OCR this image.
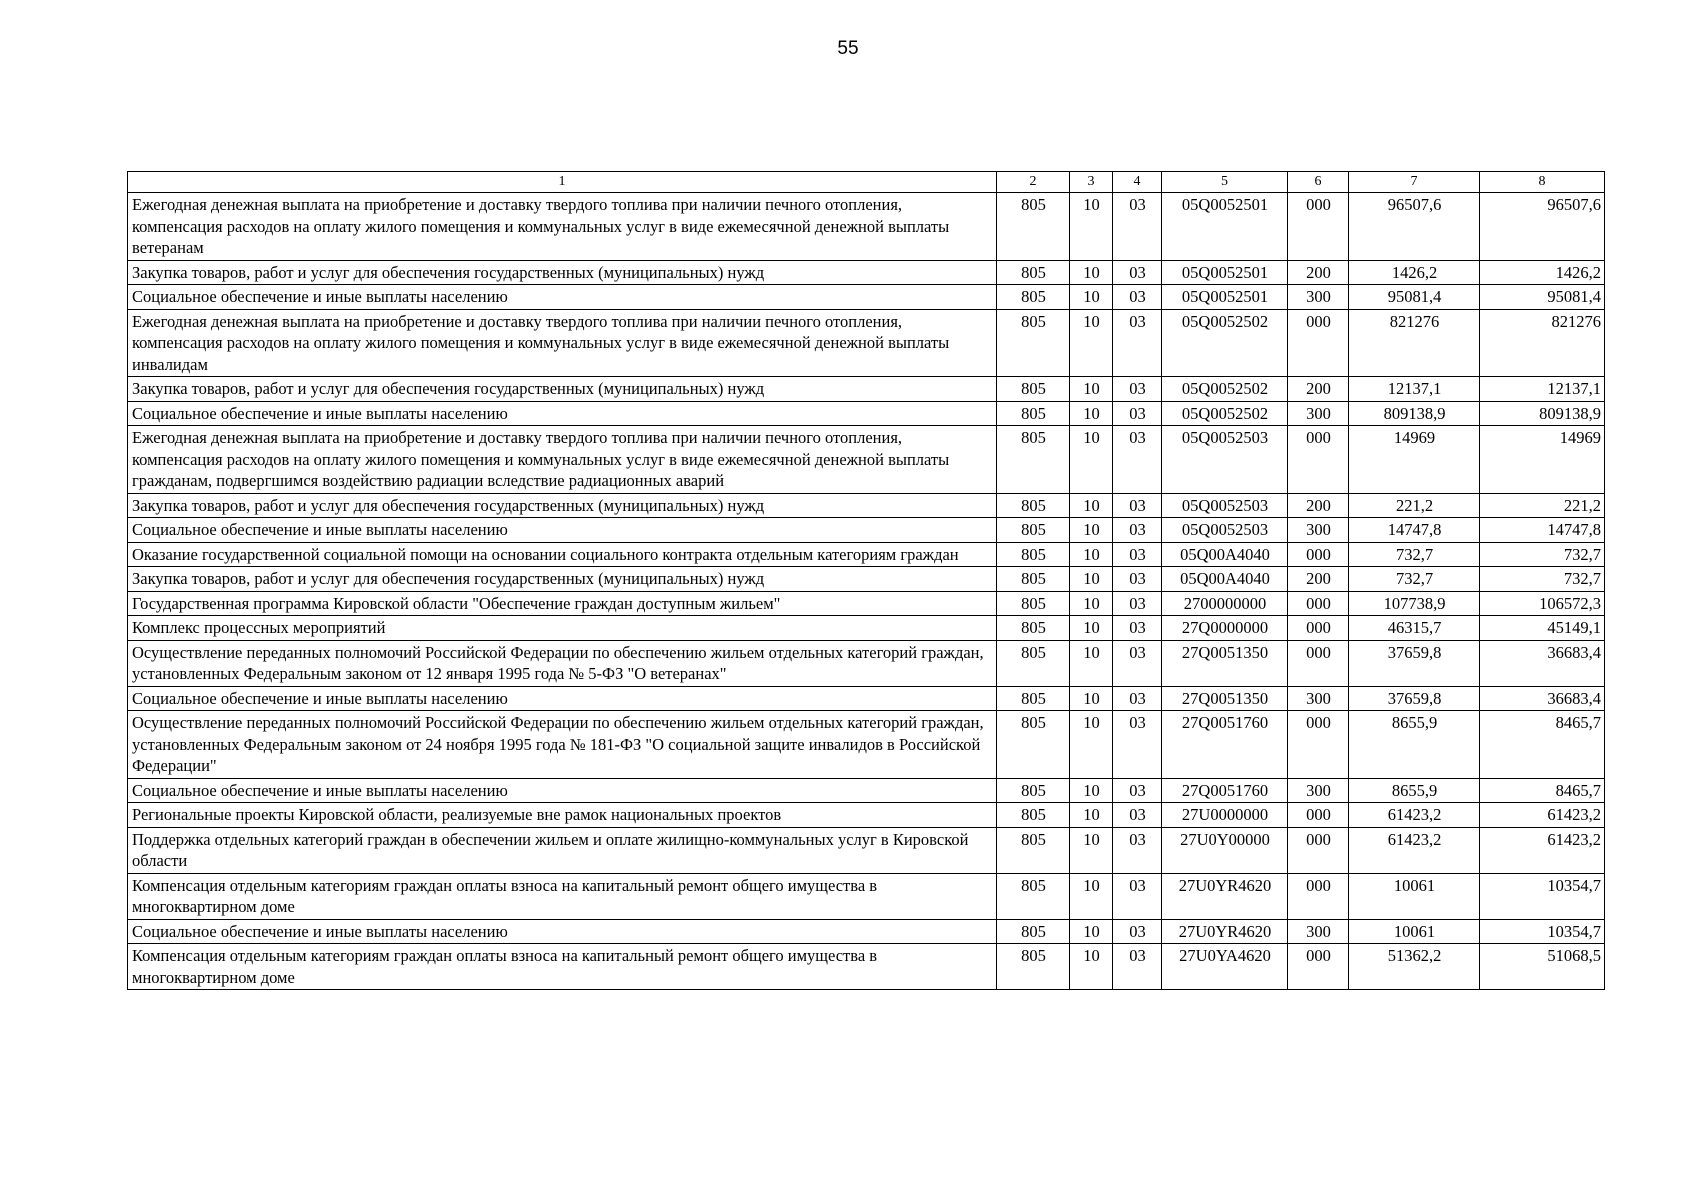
55
1	2	3	4	5	6	7	8
Ежегодная денежная выплата на приобретение и доставку твердого топлива при наличии печного отопления, компенсация расходов на оплату жилого помещения и коммунальных услуг в виде ежемесячной денежной выплаты ветеранам	805	10	03	05Q0052501	000	96507,6	96507,6
Закупка товаров, работ и услуг для обеспечения государственных (муниципальных) нужд	805	10	03	05Q0052501	200	1426,2	1426,2
Социальное обеспечение и иные выплаты населению	805	10	03	05Q0052501	300	95081,4	95081,4
Ежегодная денежная выплата на приобретение и доставку твердого топлива при наличии печного отопления, компенсация расходов на оплату жилого помещения и коммунальных услуг в виде ежемесячной денежной выплаты инвалидам	805	10	03	05Q0052502	000	821276	821276
Закупка товаров, работ и услуг для обеспечения государственных (муниципальных) нужд	805	10	03	05Q0052502	200	12137,1	12137,1
Социальное обеспечение и иные выплаты населению	805	10	03	05Q0052502	300	809138,9	809138,9
Ежегодная денежная выплата на приобретение и доставку твердого топлива при наличии печного отопления, компенсация расходов на оплату жилого помещения и коммунальных услуг в виде ежемесячной денежной выплаты гражданам, подвергшимся воздействию радиации вследствие радиационных аварий	805	10	03	05Q0052503	000	14969	14969
Закупка товаров, работ и услуг для обеспечения государственных (муниципальных) нужд	805	10	03	05Q0052503	200	221,2	221,2
Социальное обеспечение и иные выплаты населению	805	10	03	05Q0052503	300	14747,8	14747,8
Оказание государственной социальной помощи на основании социального контракта отдельным категориям граждан	805	10	03	05Q00A4040	000	732,7	732,7
Закупка товаров, работ и услуг для обеспечения государственных (муниципальных) нужд	805	10	03	05Q00A4040	200	732,7	732,7
Государственная программа Кировской области "Обеспечение граждан доступным жильем"	805	10	03	2700000000	000	107738,9	106572,3
Комплекс процессных мероприятий	805	10	03	27Q0000000	000	46315,7	45149,1
Осуществление переданных полномочий Российской Федерации по обеспечению жильем отдельных категорий граждан, установленных Федеральным законом от 12 января 1995 года № 5-ФЗ "О ветеранах"	805	10	03	27Q0051350	000	37659,8	36683,4
Социальное обеспечение и иные выплаты населению	805	10	03	27Q0051350	300	37659,8	36683,4
Осуществление переданных полномочий Российской Федерации по обеспечению жильем отдельных категорий граждан, установленных Федеральным законом от 24 ноября 1995 года № 181-ФЗ "О социальной защите инвалидов в Российской Федерации"	805	10	03	27Q0051760	000	8655,9	8465,7
Социальное обеспечение и иные выплаты населению	805	10	03	27Q0051760	300	8655,9	8465,7
Региональные проекты Кировской области, реализуемые вне рамок национальных проектов	805	10	03	27U0000000	000	61423,2	61423,2
Поддержка отдельных категорий граждан в обеспечении жильем и оплате жилищно-коммунальных услуг в Кировской области	805	10	03	27U0Y00000	000	61423,2	61423,2
Компенсация отдельным категориям граждан оплаты взноса на капитальный ремонт общего имущества в многоквартирном доме	805	10	03	27U0YR4620	000	10061	10354,7
Социальное обеспечение и иные выплаты населению	805	10	03	27U0YR4620	300	10061	10354,7
Компенсация отдельным категориям граждан оплаты взноса на капитальный ремонт общего имущества в многоквартирном доме	805	10	03	27U0YA4620	000	51362,2	51068,5
